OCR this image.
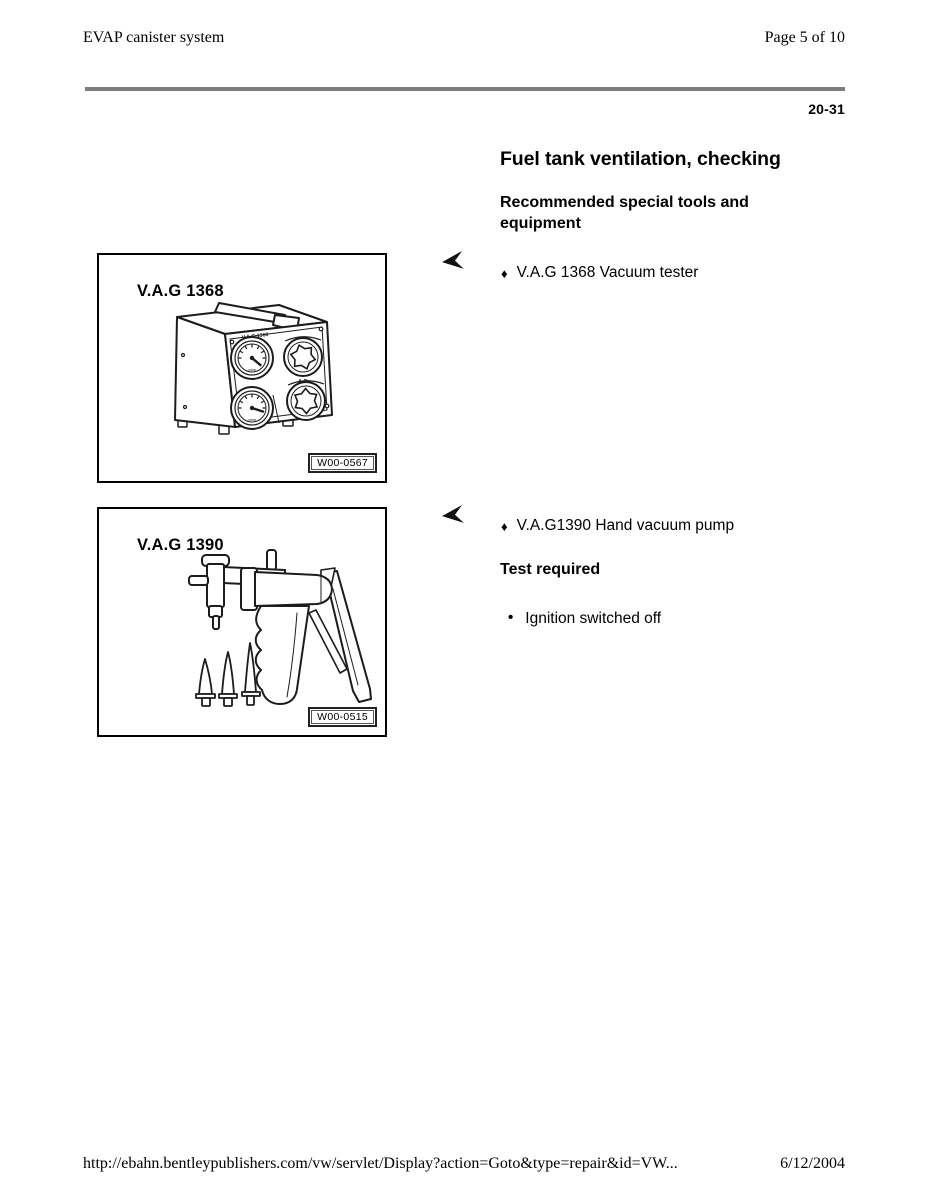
EVAP canister system	Page 5 of 10
20-31
Fuel tank ventilation, checking
Recommended special tools and equipment
♦ V.A.G 1368 Vacuum tester
♦ V.A.G1390 Hand vacuum pump
Test required
• Ignition switched off
mbar
mbar
V.A.G 1368
A-B
V.A.G 1368
W00-0567
V.A.G 1390
W00-0515
http://ebahn.bentleypublishers.com/vw/servlet/Display?action=Goto&type=repair&id=VW...	6/12/2004
